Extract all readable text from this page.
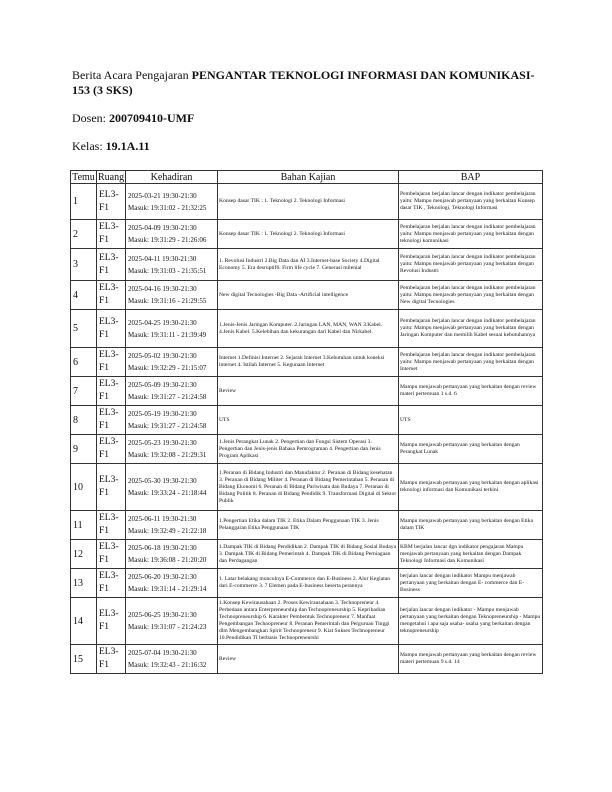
Berita Acara Pengajaran PENGANTAR TEKNOLOGI INFORMASI DAN KOMUNIKASI-153 (3 SKS)

Dosen: 200709410-UMF

Kelas: 19.1A.11

Temu	Ruang	Kehadiran	Bahan Kajian	BAP
1	EL3-F1	2025-03-21 19:30-21:30
Masuk: 19:31:02 - 21:32:25	Konsep dasar TIK : 1. Teknologi 2. Teknologi Informasi	Pembelajaran berjalan lancar dengan indikator pembelajaran yaitu: Mampu menjawab pertanyaan yang berkaitan Konsep dasar TIK , Teknologi, Teknologi Informasi
2	EL3-F1	2025-04-09 19:30-21:30
Masuk: 19:31:29 - 21:26:06	Konsep dasar TIK : 1. Teknologi 2. Teknologi Informasi	Pembelajaran berjalan lancar dengan indikator pembelajaran yaitu: Mampu menjawab pertanyaan yang berkaitan dengan teknologi komunikasi
3	EL3-F1	2025-04-11 19:30-21:30
Masuk: 19:31:03 - 21:35:51	1. Revolusi Industri 2.Big Data dan AI 3.Internet-base Society 4.Digital Economy 5. Era desruptif6. Firm life cycle 7. Generasi milenial	Pembelajaran berjalan lancar dengan indikator pembelajaran yaitu: Mampu menjawab pertanyaan yang berkaitan dengan Revolusi Industri
4	EL3-F1	2025-04-16 19:30-21:30
Masuk: 19:31:16 - 21:29:55	New digital Tecnologies -Big Data -Artificial intelligence	Pembelajaran berjalan lancar dengan indikator pembelajaran yaitu: Mampu menjawab pertanyaan yang berkaitan dengan New digital Tecnologies
5	EL3-F1	2025-04-25 19:30-21:30
Masuk: 19:31:11 - 21:39:49	1.Jenis-Jenis Jaringan Komputer. 2.Jaringan LAN, MAN, WAN 3.Kabel. 4.Jenis Kabel. 5.Kelebihan dan kekurangan dari Kabel dan Nirkabel.	Pembelajaran berjalan lancar dengan indikator pembelajaran yaitu: Mampu menjawab pertanyaan yang berkaitan dengan Jaringan Komputer dan memilih Kabel sesuai kebutuhannya
6	EL3-F1	2025-05-02 19:30-21:30
Masuk: 19:32:29 - 21:15:07	Internet 1.Definisi Internet 2. Sejarah Internet 3.Kebutuhan untuk koneksi internet 4. Istilah Internet 5. Kegunaan Internet	Pembelajaran berjalan lancar dengan indikator pembelajaran yaitu: Mampu menjawab pertanyaan yang berkaitan dengan Internet
7	EL3-F1	2025-05-09 19:30-21:30
Masuk: 19:31:27 - 21:24:58	Review	Mampu menjawab pertanyaan yang berkaitan dengan review materi pertemuan 1 s.d. 6
8	EL3-F1	2025-05-19 19:30-21:30
Masuk: 19:31:27 - 21:24:58	UTS	UTS
9	EL3-F1	2025-05-23 19:30-21:30
Masuk: 19:32:08 - 21:29:31	1.Jenis Perangkat Lunak 2. Pengertian dan Fungsi Sistem Operasi 3. Pengertian dan Jenis-jenis Bahasa Pemrograman 4. Pengertian dan Jenis Program Aplikasi	Mampu menjawab pertanyaan yang berkaitan dengan Perangkat Lunak
10	EL3-F1	2025-05-30 19:30-21:30
Masuk: 19:33:24 - 21:18:44	1.Peranan di Bidang Industri dan Manufaktur 2. Peranan di Bidang kesehatan 3. Peranan di Bidang Militer 4. Peranan di Bidang Pemerintahan 5. Peranan di Bidang Ekonomi 6. Peranan di Bidang Pariwisata dan Budaya 7. Peranan di Bidang Politik 8. Peranan di Bidang Pendidik 9. Transformasi Digital di Sektor Publik	Mampu menjawab pertanyaan yang berkaitan dengan aplikasi teknologi informasi dan Komunikasi terkini
11	EL3-F1	2025-06-11 19:30-21:30
Masuk: 19:32:49 - 21:22:18	1.Pengertian Etika dalam TIK 2. Etika Dalam Penggunaan TIK 3. Jenis Pelanggaran Etika Penggunaan TIK	Mampu menjawab pertanyaan yang berkaitan dengan Etika dalam TIK
12	EL3-F1	2025-06-18 19:30-21:30
Masuk: 19:36:08 - 21:20:20	1.Dampak TIK di Bidang Pendidikan 2. Dampak TIK di Bidang Sosial Budaya 3. Dampak TIK di Bidang Pemerintah 4. Dampak TIK di Bidang Perniagaan dan Perdagangan	KBM berjalan lancar dgn indikator pengajaran Mampu menjawab pertanyaan yang berkaitan dengan Dampak Teknologi Informasi dan Komunikasi
13	EL3-F1	2025-06-20 19:30-21:30
Masuk: 19:31:14 - 21:29:14	1. Latar belakang munculnya E-Commerce dan E-Business 2. Alur Kegiatan dari E-commerce 3. 7 Elemen pada E-business beserta perannya	berjalan lancar dengan indikator Mampu menjawab pertanyaan yang berkaitan dengan E- commerce dan E-Business
14	EL3-F1	2025-06-25 19:30-21:30
Masuk: 19:31:07 - 21:24:23	1.Konsep Kewirausahaan 2. Proses Kewirausahaan 3. Technopreneur 4. Perbedaan antara Enterpreneurship dan Technopreneurship 5. Kepribadian Technopreneurship 6. Karakter Pembentuk Technopreneur 7. Manfaat Pengembangan Technopreneur 8. Peranan Pemerintah dan Perguruan Tinggi dlm Mengembangkan Spirit Technopreneur 9. Kiat Sukses Technopreneur 10.Pendidikan TI berbasis Technopreneurshi	berjalan lancar dengan indikator - Mampu menjawab pertanyaan yang berkaitan dengan Teknopreneurship - Mampu mengetahui i apa saja usaha- usaha yang berkaitan dengan teknopreneurship
15	EL3-F1	2025-07-04 19:30-21:30
Masuk: 19:32:43 - 21:16:32	Review	Mampu menjawab pertanyaan yang berkaitan dengan review materi pertemuan 9 s.d. 14
